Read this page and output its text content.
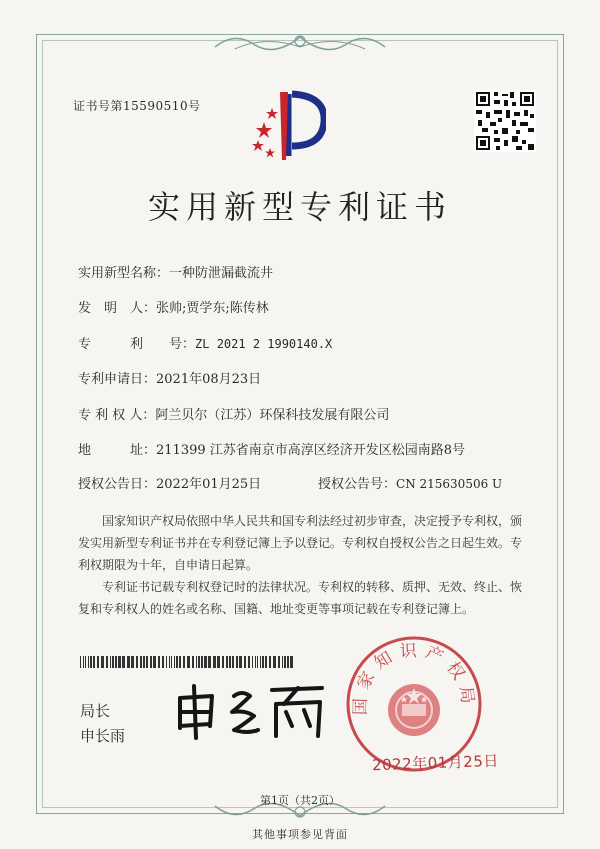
证书号第15590510号
实用新型专利证书
实用新型名称：一种防泄漏截流井
发　明　人：张帅;贾学东;陈传林
专　　　利　　号：ZL 2021 2 1990140.X
专利申请日：2021年08月23日
专 利 权 人：阿兰贝尔（江苏）环保科技发展有限公司
地　　　址：211399 江苏省南京市高淳区经济开发区松园南路8号
授权公告日：2022年01月25日	授权公告号：CN 215630506 U
国家知识产权局依照中华人民共和国专利法经过初步审查，决定授予专利权，颁发实用新型专利证书并在专利登记簿上予以登记。专利权自授权公告之日起生效。专利权期限为十年，自申请日起算。
专利证书记载专利权登记时的法律状况。专利权的转移、质押、无效、终止、恢复和专利权人的姓名或名称、国籍、地址变更等事项记载在专利登记簿上。
局长
申长雨
国家知识产权局
2022年01月25日
第1页（共2页）
其他事项参见背面
